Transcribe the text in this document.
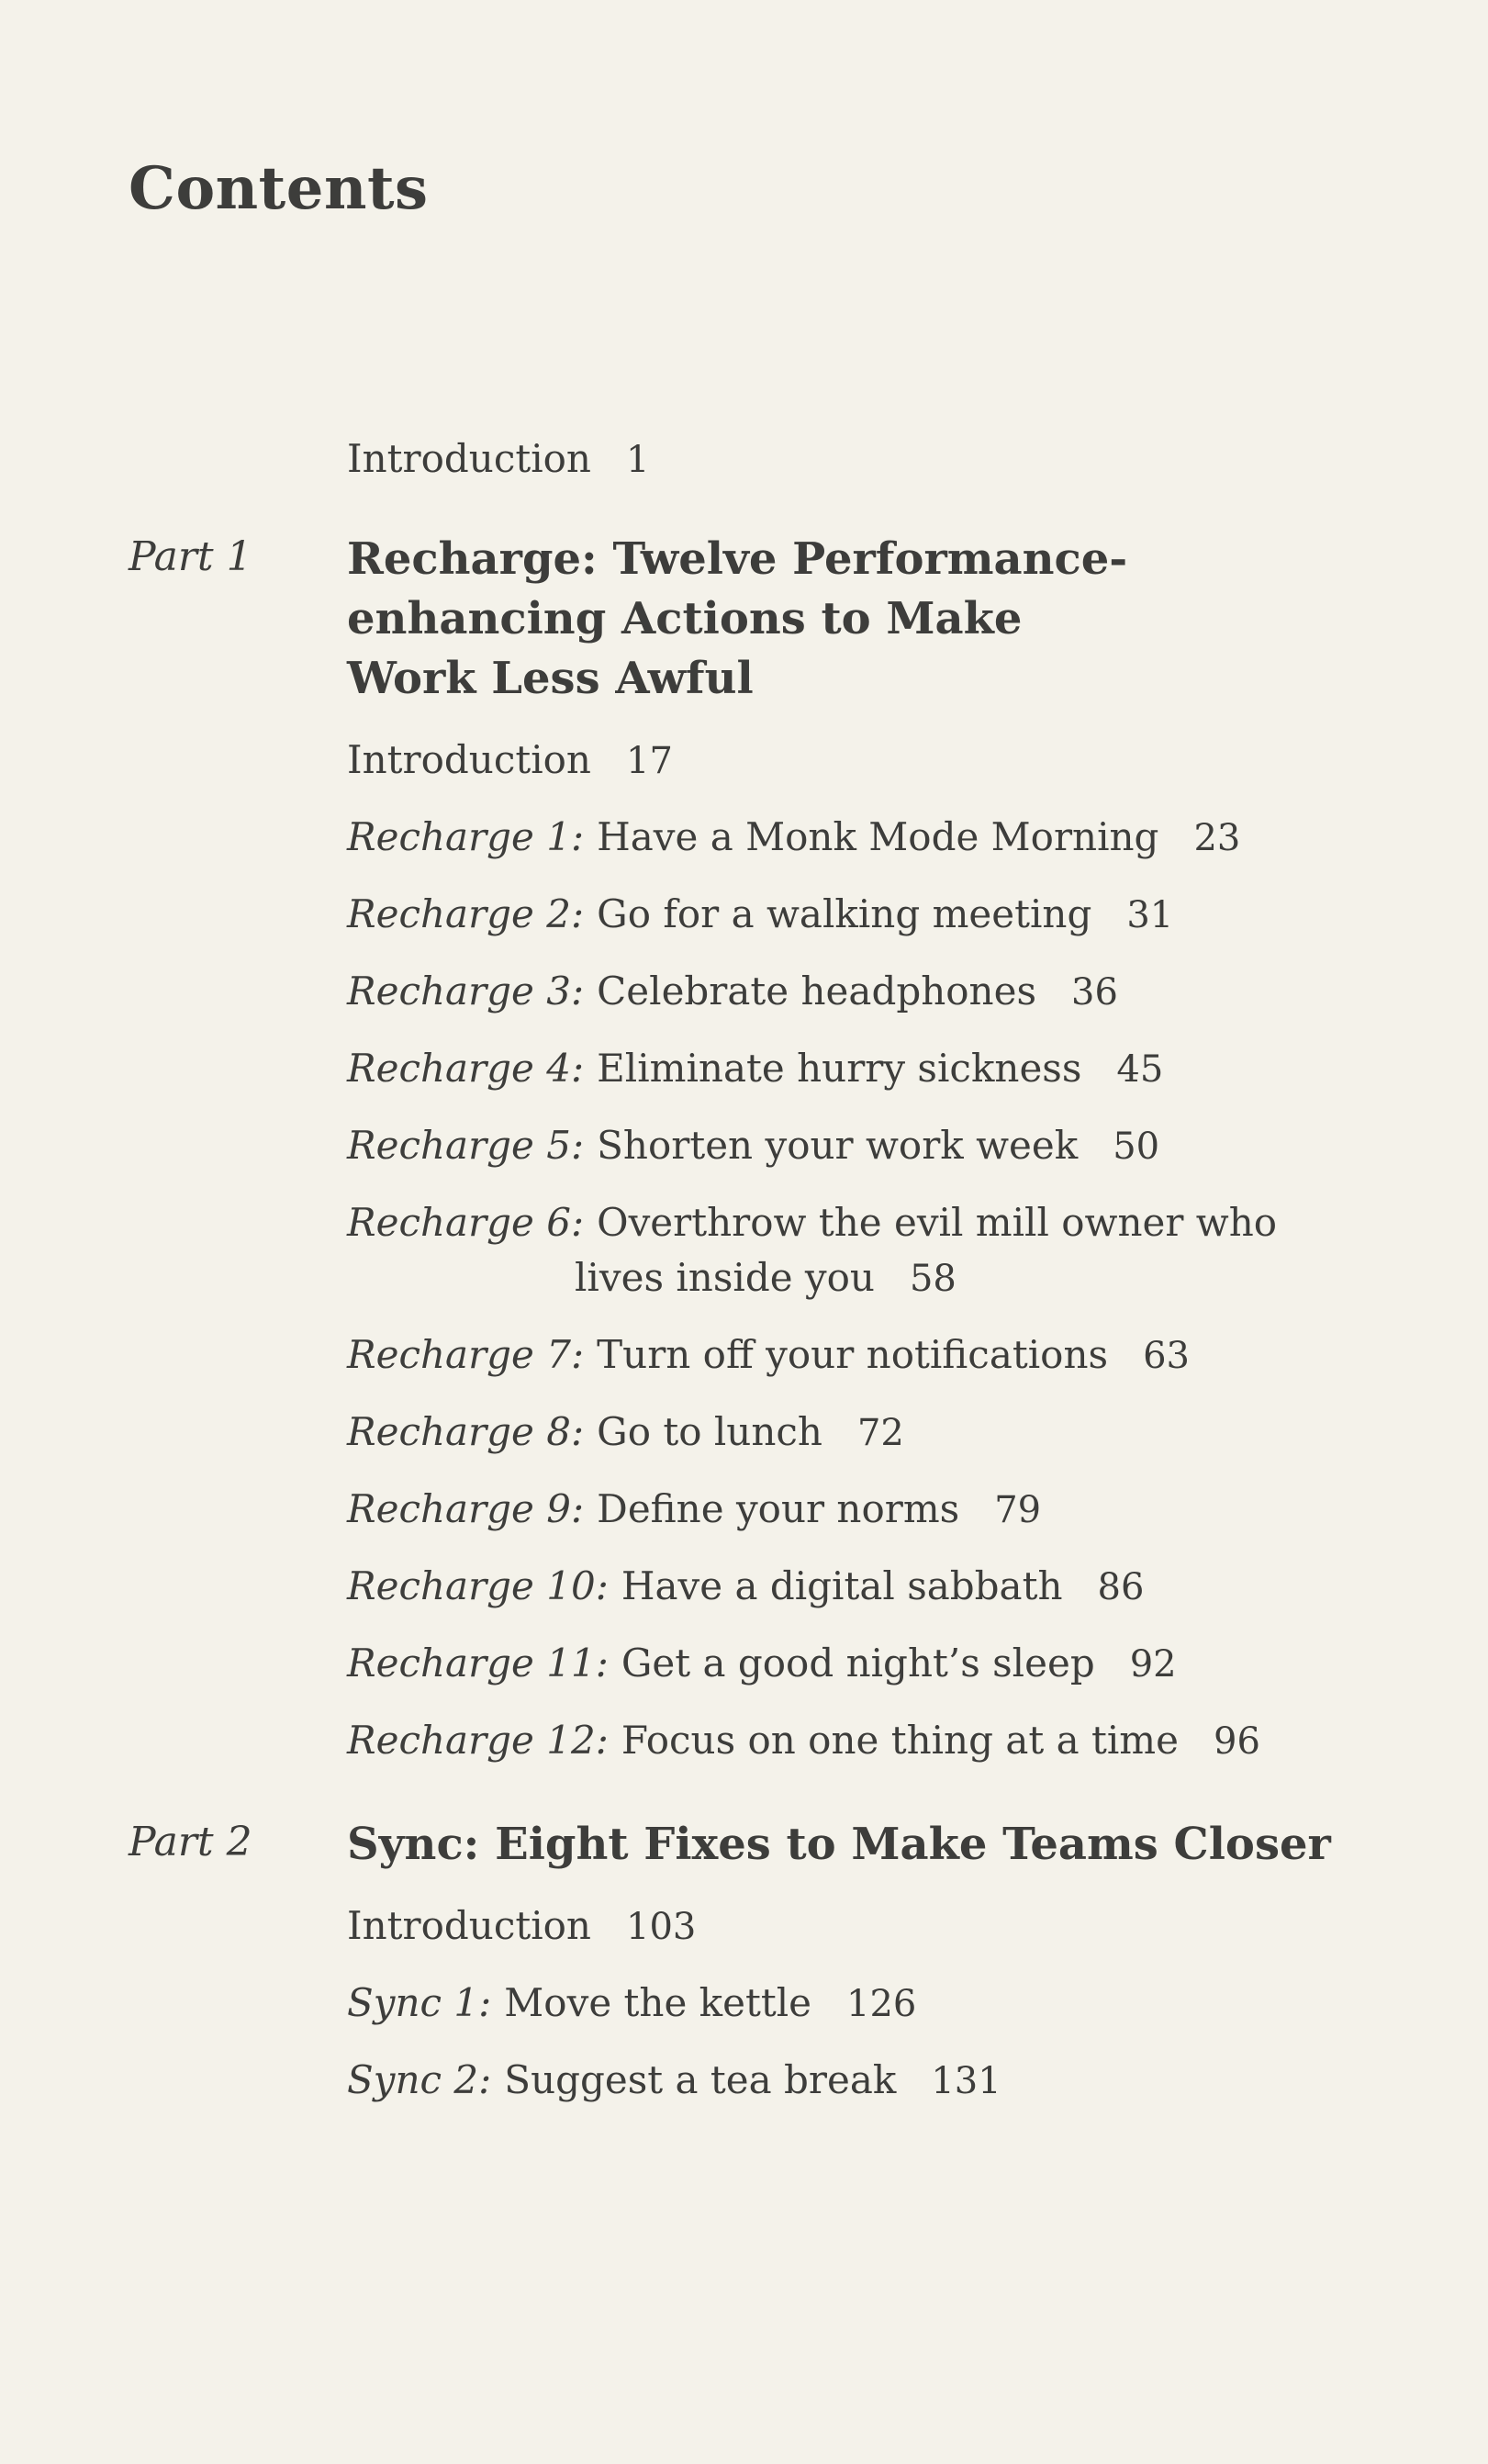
Contents
Introduction 1
Part 1 Recharge: Twelve Performance-enhancing Actions to Make Work Less Awful
Introduction 17
Recharge 1: Have a Monk Mode Morning 23
Recharge 2: Go for a walking meeting 31
Recharge 3: Celebrate headphones 36
Recharge 4: Eliminate hurry sickness 45
Recharge 5: Shorten your work week 50
Recharge 6: Overthrow the evil mill owner who
lives inside you 58
Recharge 7: Turn off your notifications 63
Recharge 8: Go to lunch 72
Recharge 9: Define your norms 79
Recharge 10: Have a digital sabbath 86
Recharge 11: Get a good night’s sleep 92
Recharge 12: Focus on one thing at a time 96
Part 2 Sync: Eight Fixes to Make Teams Closer
Introduction 103
Sync 1: Move the kettle 126
Sync 2: Suggest a tea break 131
